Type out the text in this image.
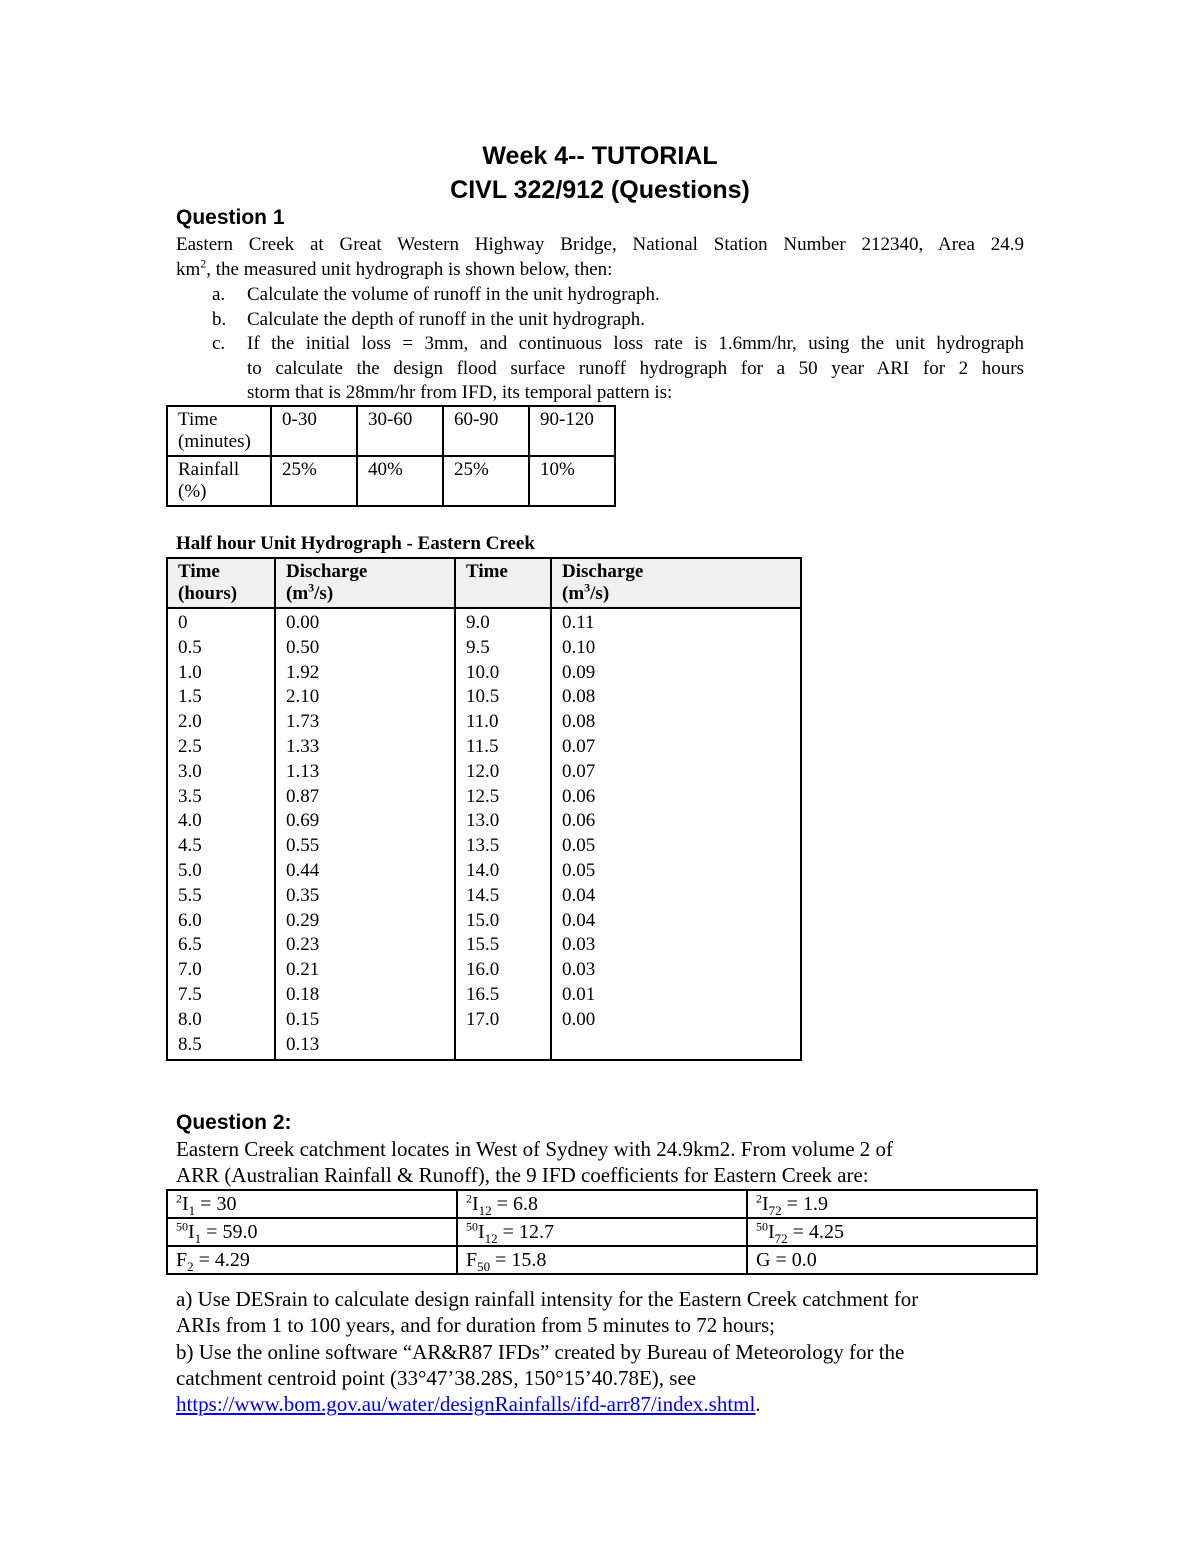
Week 4-- TUTORIAL
CIVL 322/912 (Questions)
Question 1
Eastern Creek at Great Western Highway Bridge, National Station Number 212340, Area 24.9
$km^2$, the measured unit hydrograph is shown below, then:
a. Calculate the volume of runoff in the unit hydrograph.
b. Calculate the depth of runoff in the unit hydrograph.
c. If the initial loss = 3mm, and continuous loss rate is 1.6mm/hr, using the unit hydrograph
to calculate the design flood surface runoff hydrograph for a 50 year ARI for 2 hours
storm that is 28mm/hr from IFD, its temporal pattern is:
Time
(minutes)	0-30	30-60	60-90	90-120
Rainfall
(%)	25%	40%	25%	10%
Half hour Unit Hydrograph - Eastern Creek
Time
(hours)	Discharge
$(m^3/s)$	Time	Discharge
$(m^3/s)$
0	0.00	9.0	0.11
0.5	0.50	9.5	0.10
1.0	1.92	10.0	0.09
1.5	2.10	10.5	0.08
2.0	1.73	11.0	0.08
2.5	1.33	11.5	0.07
3.0	1.13	12.0	0.07
3.5	0.87	12.5	0.06
4.0	0.69	13.0	0.06
4.5	0.55	13.5	0.05
5.0	0.44	14.0	0.05
5.5	0.35	14.5	0.04
6.0	0.29	15.0	0.04
6.5	0.23	15.5	0.03
7.0	0.21	16.0	0.03
7.5	0.18	16.5	0.01
8.0	0.15	17.0	0.00
8.5	0.13		
Question 2:
Eastern Creek catchment locates in West of Sydney with 24.9km2. From volume 2 of
ARR (Australian Rainfall & Runoff), the 9 IFD coefficients for Eastern Creek are:
$^2I_1 = 30$	$^2I_{12} = 6.8$	$^2I_{72} = 1.9$
$^{50}I_1 = 59.0$	$^{50}I_{12} = 12.7$	$^{50}I_{72} = 4.25$
$F_2 = 4.29$	$F_{50} = 15.8$	G = 0.0
a) Use DESrain to calculate design rainfall intensity for the Eastern Creek catchment for
ARIs from 1 to 100 years, and for duration from 5 minutes to 72 hours;
b) Use the online software “AR&R87 IFDs” created by Bureau of Meteorology for the
catchment centroid point (33°47’38.28S, 150°15’40.78E), see
https://www.bom.gov.au/water/designRainfalls/ifd-arr87/index.shtml.
